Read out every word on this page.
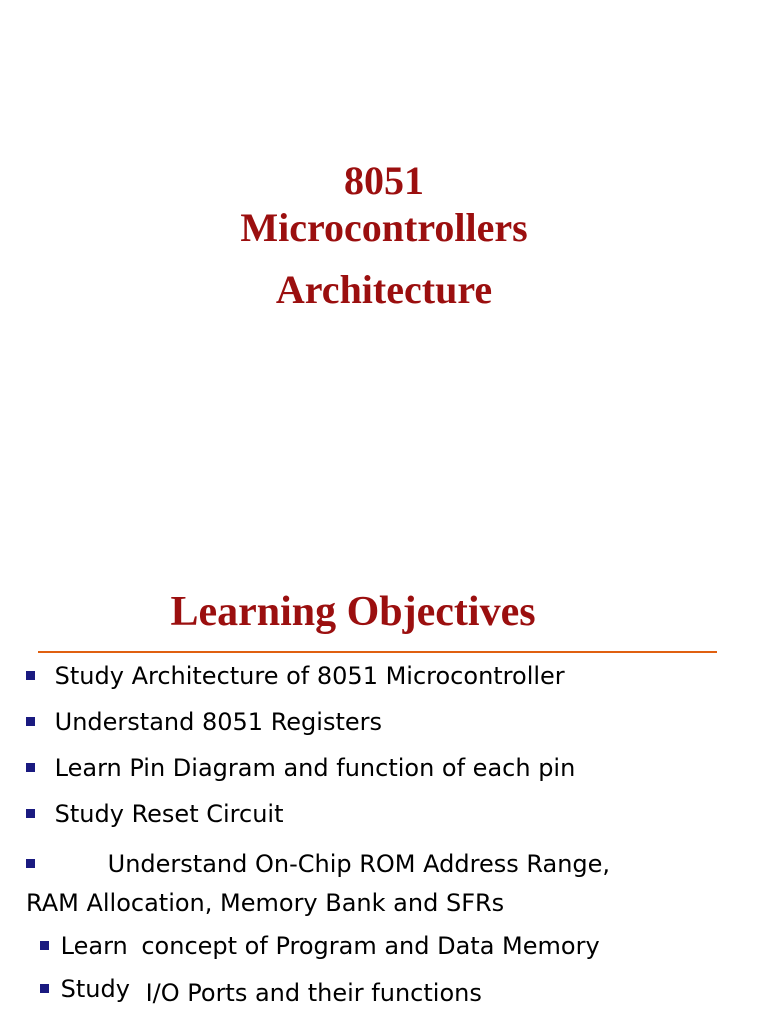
8051
Microcontrollers
Architecture
Learning Objectives
Study Architecture of 8051 Microcontroller
Understand 8051 Registers
Learn Pin Diagram and function of each pin
Study Reset Circuit
Understand On-Chip ROM Address Range,
RAM Allocation, Memory Bank and SFRs
Learn concept of Program and Data Memory
Study I/O Ports and their functions
